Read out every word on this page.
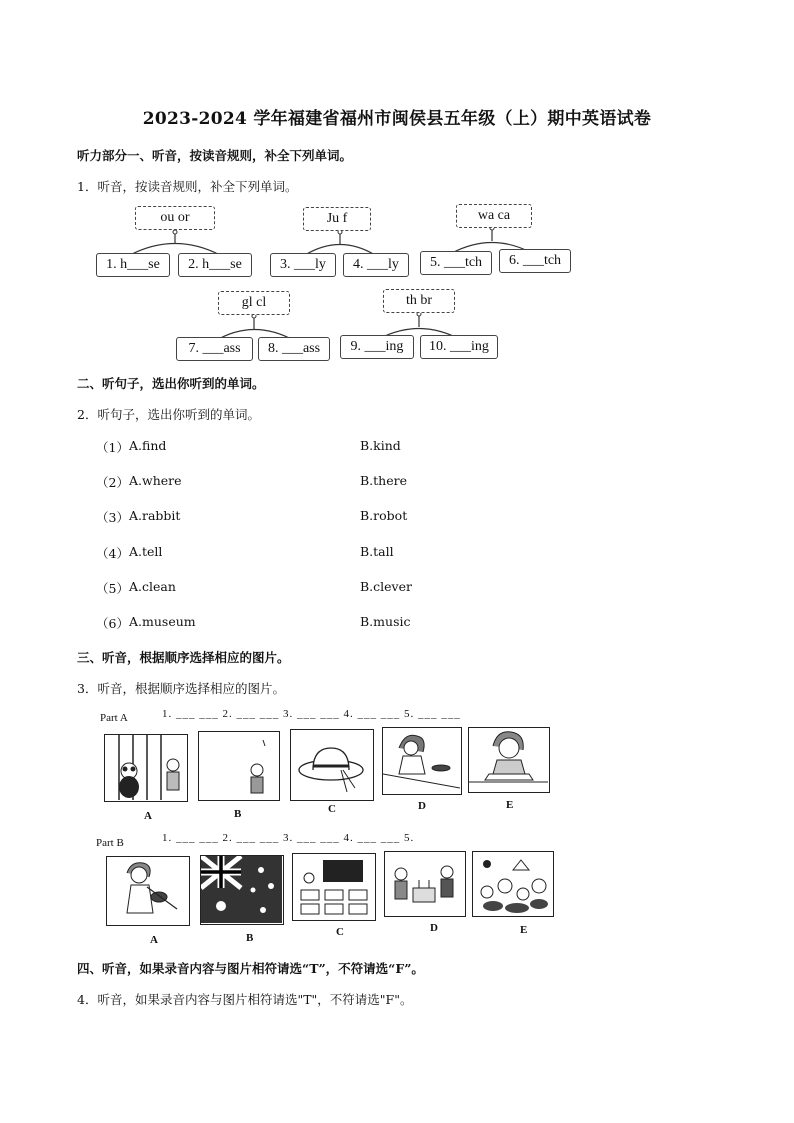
2023-2024 学年福建省福州市闽侯县五年级（上）期中英语试卷
听力部分一、听音，按读音规则，补全下列单词。
1．听音，按读音规则，补全下列单词。
ou or
1. h___se	2. h___se
Ju f
3. ___ly	4. ___ly
wa ca
5. ___tch	6. ___tch
gl cl
7. ___ass	8. ___ass
th br
9. ___ing	10. ___ing
二、听句子，选出你听到的单词。
2．听句子，选出你听到的单词。
（1） A.find	B.kind
（2） A.where	B.there
（3） A.rabbit	B.robot
（4） A.tell	B.tall
（5） A.clean	B.clever
（6） A.museum	B.music
三、听音，根据顺序选择相应的图片。
3．听音，根据顺序选择相应的图片。
Part A	1. ___ ___ 2. ___ ___ 3. ___ ___ 4. ___ ___ 5. ___ ___
A	B	C	D	E
Part B	1. ___ ___ 2. ___ ___ 3. ___ ___ 4. ___ ___ 5.
A	B	C	D	E
四、听音，如果录音内容与图片相符请选“T”，不符请选“F”。
4．听音，如果录音内容与图片相符请选"T"，不符请选"F"。
